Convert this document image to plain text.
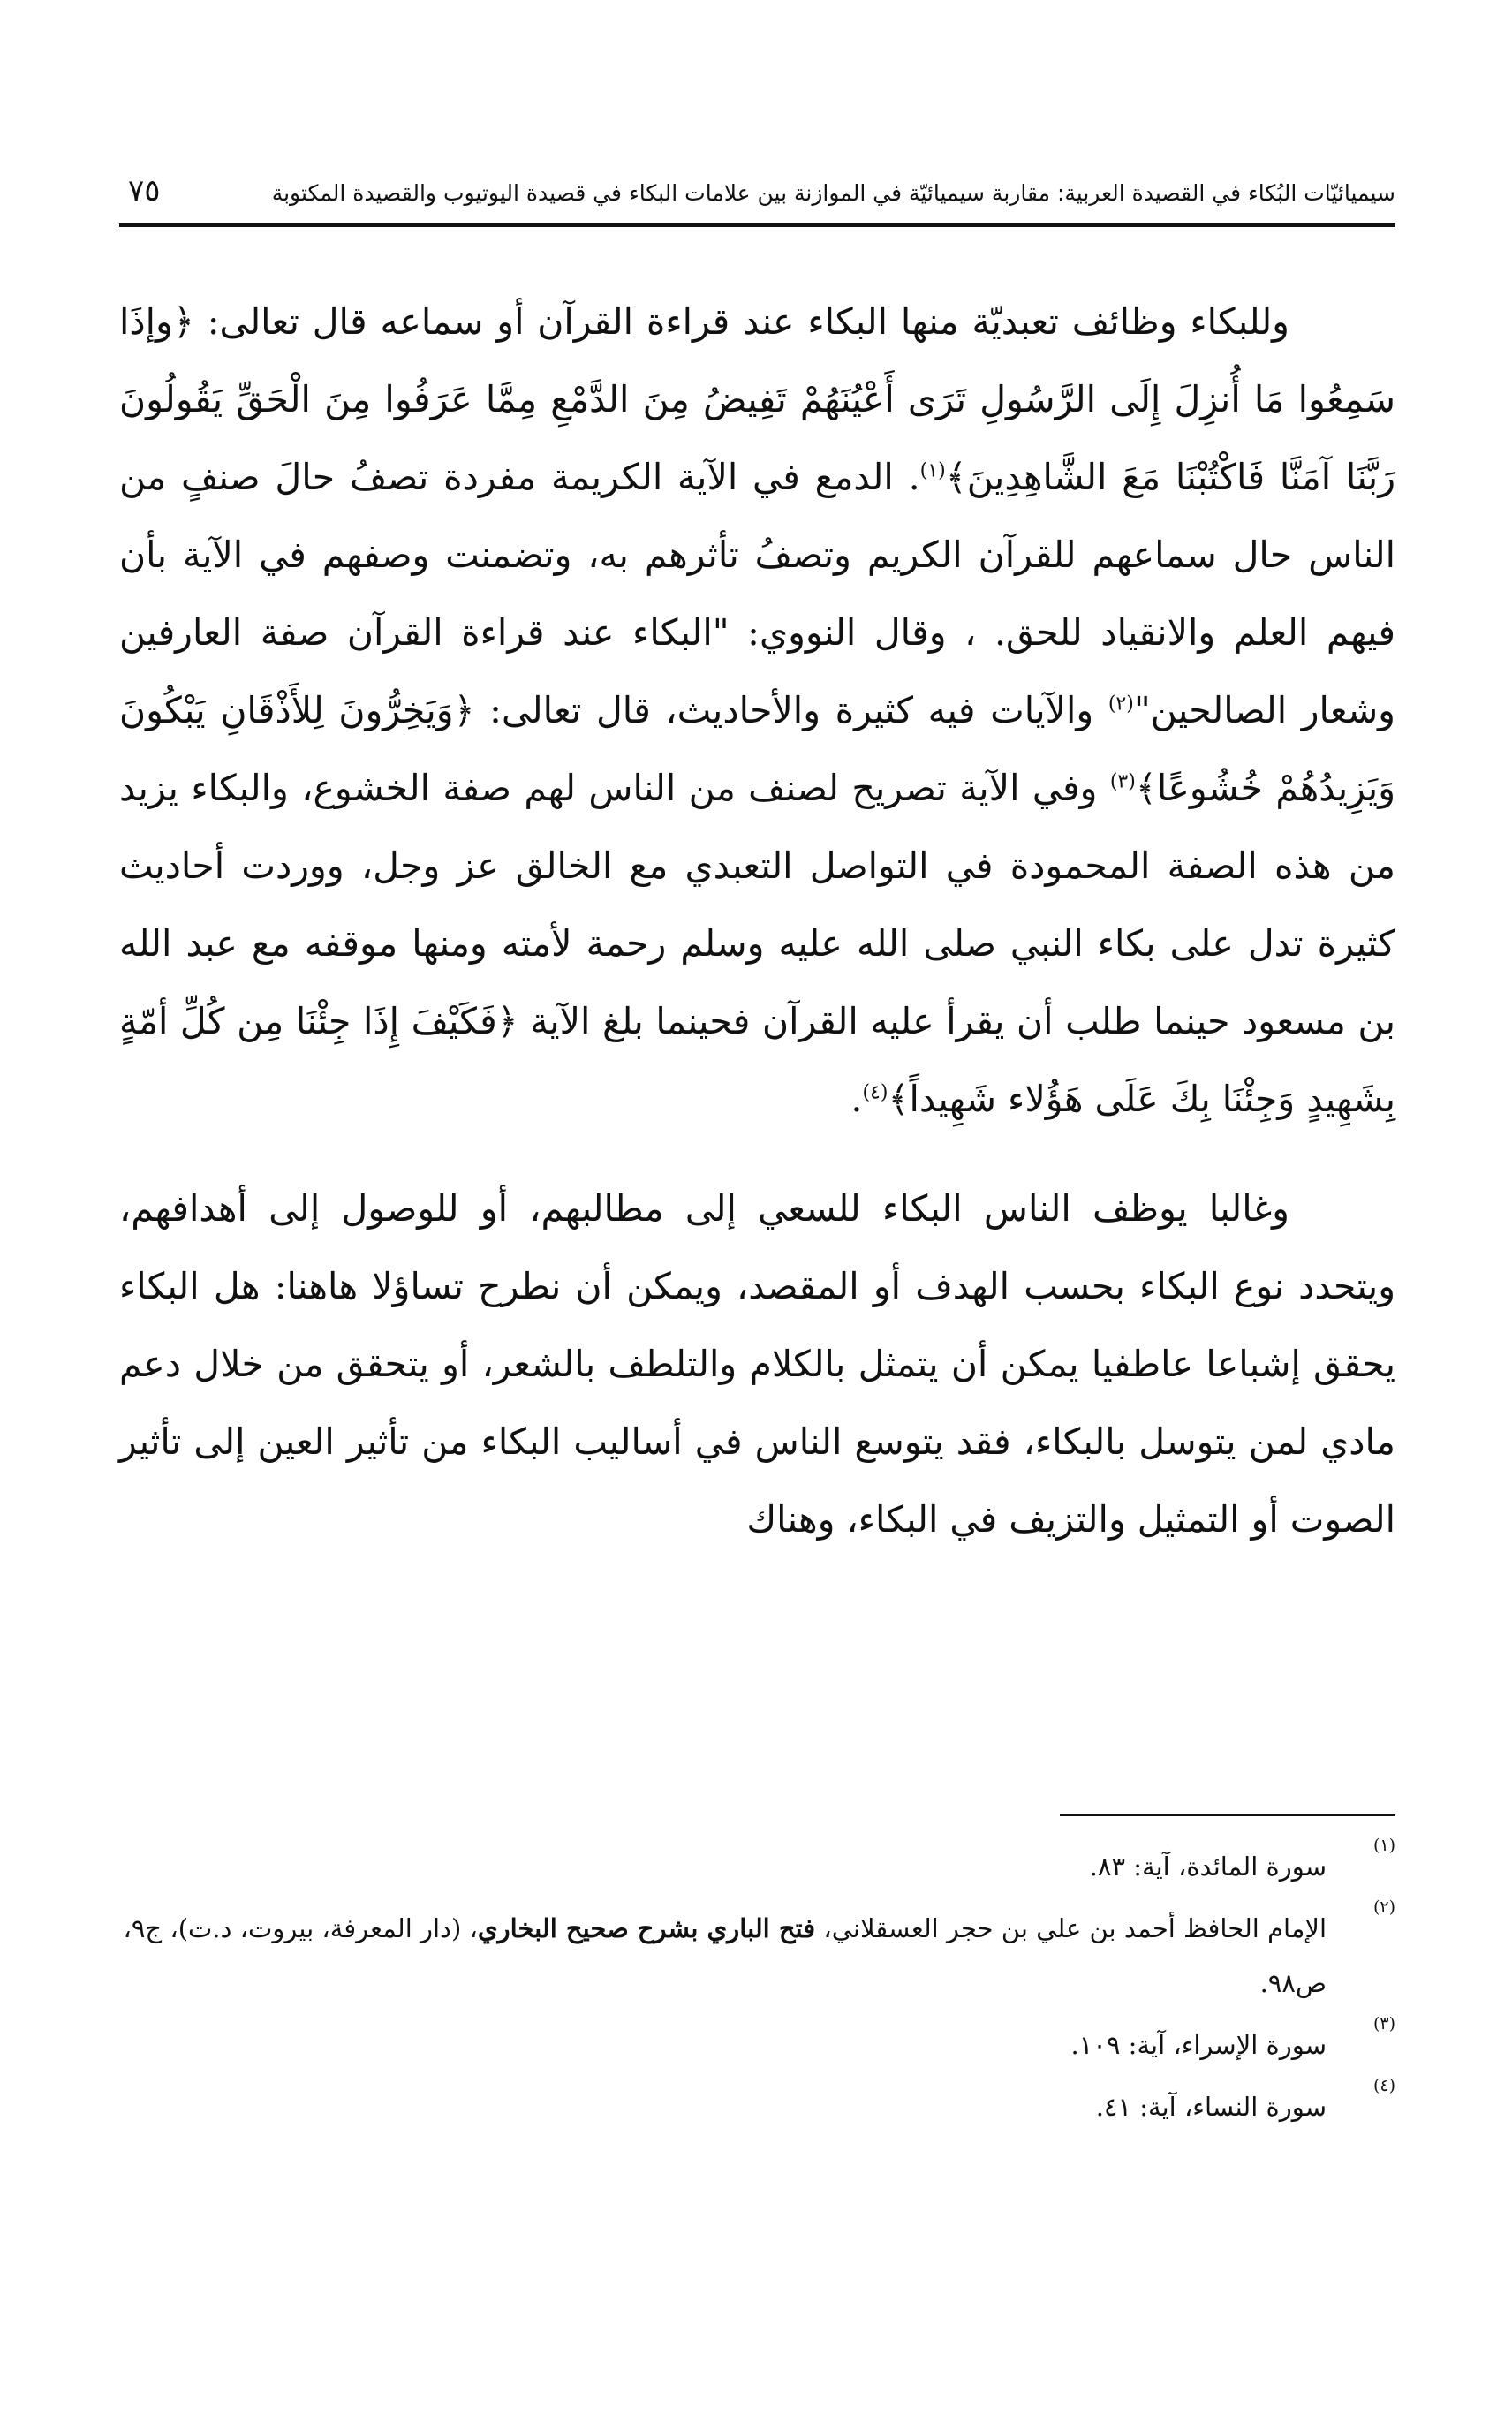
سيميائيّات البُكاء في القصيدة العربية: مقاربة سيميائيّة في الموازنة بين علامات البكاء في قصيدة اليوتيوب والقصيدة المكتوبة
٧٥

وللبكاء وظائف تعبديّة منها البكاء عند قراءة القرآن أو سماعه قال تعالى: ﴿وإذَا سَمِعُوا مَا أُنزِلَ إِلَى الرَّسُولِ تَرَى أَعْيُنَهُمْ تَفِيضُ مِنَ الدَّمْعِ مِمَّا عَرَفُوا مِنَ الْحَقِّ يَقُولُونَ رَبَّنَا آمَنَّا فَاكْتُبْنَا مَعَ الشَّاهِدِينَ﴾$^{(١)}$. الدمع في الآية الكريمة مفردة تصفُ حالَ صنفٍ من الناس حال سماعهم للقرآن الكريم وتصفُ تأثرهم به، وتضمنت وصفهم في الآية بأن فيهم العلم والانقياد للحق. ، وقال النووي: "البكاء عند قراءة القرآن صفة العارفين وشعار الصالحين"$^{(٢)}$ والآيات فيه كثيرة والأحاديث، قال تعالى: ﴿وَيَخِرُّونَ لِلأَذْقَانِ يَبْكُونَ وَيَزِيدُهُمْ خُشُوعًا﴾$^{(٣)}$ وفي الآية تصريح لصنف من الناس لهم صفة الخشوع، والبكاء يزيد من هذه الصفة المحمودة في التواصل التعبدي مع الخالق عز وجل، ووردت أحاديث كثيرة تدل على بكاء النبي صلى الله عليه وسلم رحمة لأمته ومنها موقفه مع عبد الله بن مسعود حينما طلب أن يقرأ عليه القرآن فحينما بلغ الآية ﴿فَكَيْفَ إِذَا جِئْنَا مِن كُلِّ أمّةٍ بِشَهِيدٍ وَجِئْنَا بِكَ عَلَى هَؤُلاء شَهِيداً﴾$^{(٤)}$.

وغالبا يوظف الناس البكاء للسعي إلى مطالبهم، أو للوصول إلى أهدافهم، ويتحدد نوع البكاء بحسب الهدف أو المقصد، ويمكن أن نطرح تساؤلا هاهنا: هل البكاء يحقق إشباعا عاطفيا يمكن أن يتمثل بالكلام والتلطف بالشعر، أو يتحقق من خلال دعم مادي لمن يتوسل بالبكاء، فقد يتوسع الناس في أساليب البكاء من تأثير العين إلى تأثير الصوت أو التمثيل والتزيف في البكاء، وهناك

(١)
سورة المائدة، آية: ٨٣.
(٢)
الإمام الحافظ أحمد بن علي بن حجر العسقلاني، فتح الباري بشرح صحيح البخاري، (دار المعرفة، بيروت، د.ت)، ج٩، ص٩٨.
(٣)
سورة الإسراء، آية: ١٠٩.
(٤)
سورة النساء، آية: ٤١.
